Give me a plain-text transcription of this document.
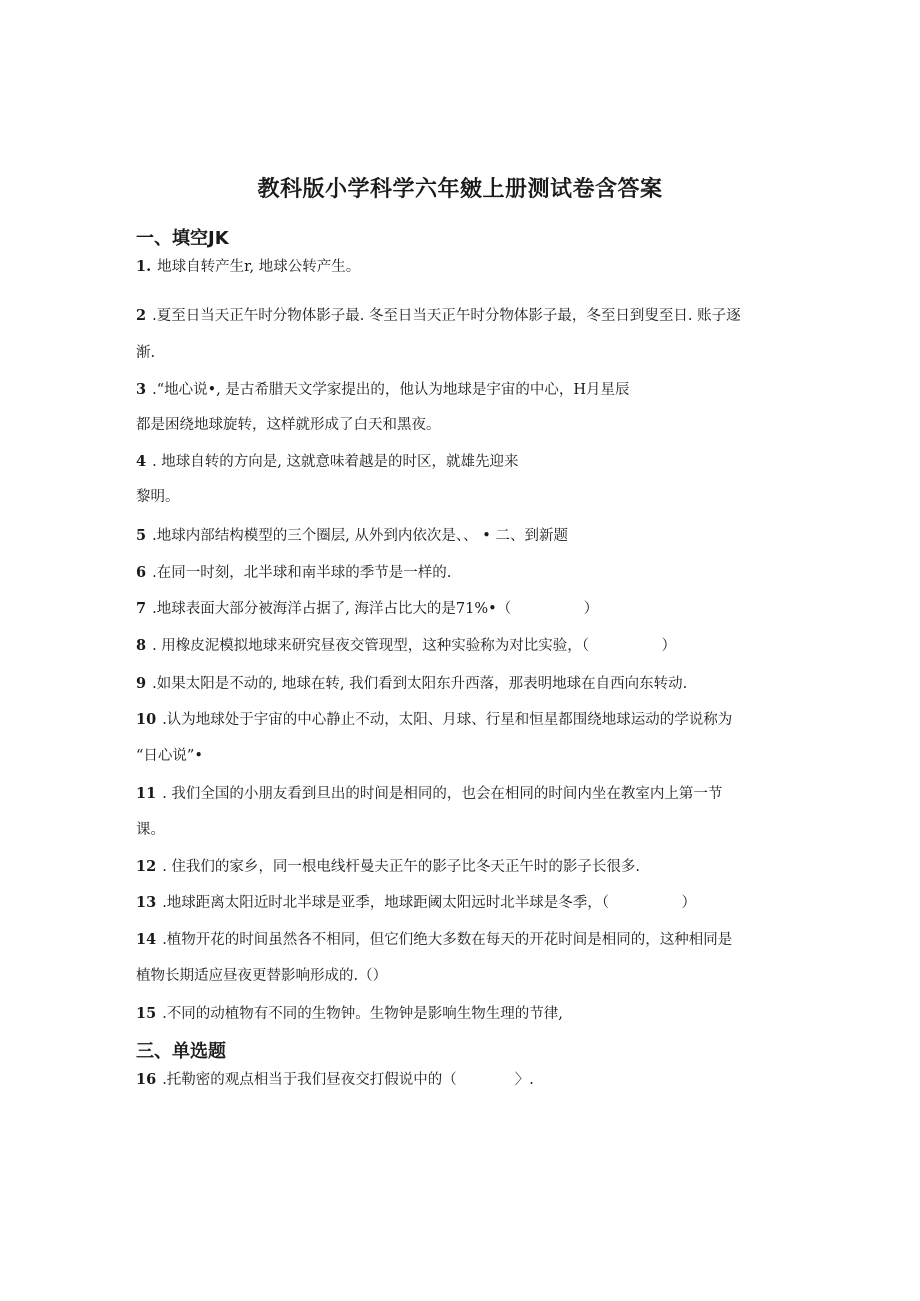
教科版小学科学六年皴上册测试卷含答案
一、填空JK
1. 地球自转产生r, 地球公转产生。
2 .夏至日当天正午时分物体影子最. 冬至日当天正午时分物体影子最，冬至日到叟至日. 账子逐
渐.
3 .“地心说•, 是古希腊天文学家提出的，他认为地球是宇宙的中心，H月星辰
都是困绕地球旋转，这样就形成了白天和黑夜。
4 . 地球自转的方向是, 这就意味着越是的时区，就雄先迎来
黎明。
5 .地球内部结构模型的三个圈层, 从外到内依次是、、 • 二、到新题
6 .在同一时刻，北半球和南半球的季节是一样的.
7 .地球表面大部分被海洋占据了, 海洋占比大的是71%•（　　　　　）
8 . 用橡皮泥模拟地球来研究昼夜交管现型，这种实验称为对比实验，（　　　　　）
9 .如果太阳是不动的, 地球在转, 我们看到太阳东升西落，那表明地球在自西向东转动.
10 .认为地球处于宇宙的中心静止不动，太阳、月球、行星和恒星都围绕地球运动的学说称为
“日心说”•
11 . 我们全国的小朋友看到旦出的时间是相同的，也会在相同的时间内坐在教室内上第一节
课。
12 . 住我们的家乡，同一根电线杆曼夫正午的影子比冬天正午时的影子长很多.
13 .地球距离太阳近时北半球是亚季，地球距阈太阳远时北半球是冬季，（　　　　　）
14 .植物开花的时间虽然各不相同，但它们绝大多数在每天的开花时间是相同的，这种相同是
植物长期适应昼夜更替影响形成的.（）
15 .不同的动植物有不同的生物钟。生物钟是影响生物生理的节律,
三、单选题
16 .托勒密的观点相当于我们昼夜交打假说中的（　　　　〉.
